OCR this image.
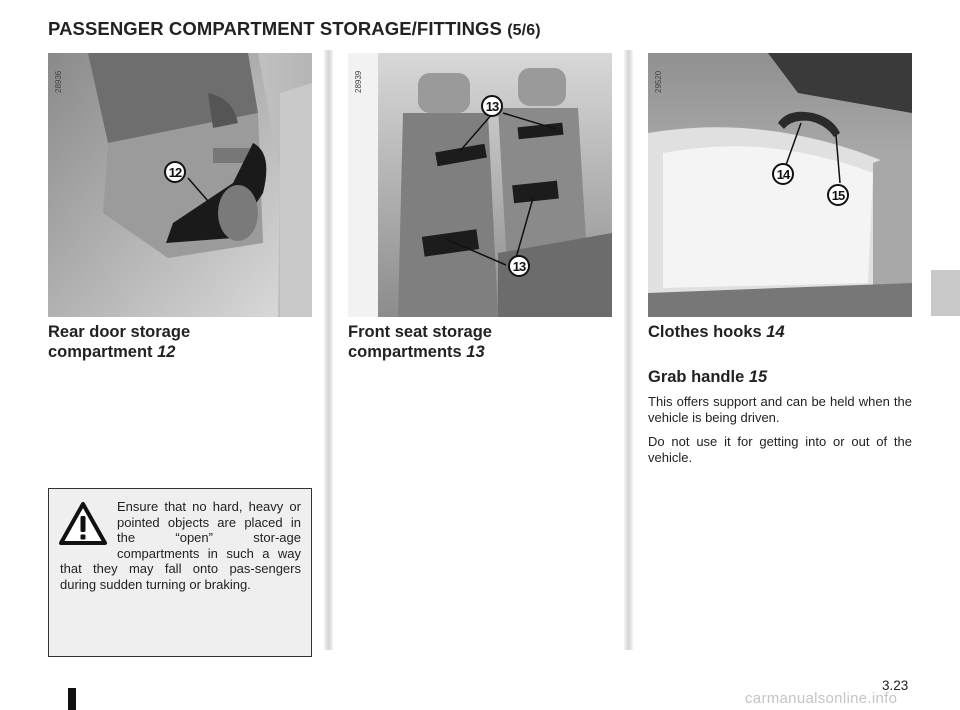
PASSENGER COMPARTMENT STORAGE/FITTINGS (5/6)
28936
12
28939
13
13
29520
14
15
Rear door storage compartment 12
Front seat storage compartments 13
Clothes hooks 14
Grab handle 15
This offers support and can be held when the vehicle is being driven.
Do not use it for getting into or out of the vehicle.
Ensure that no hard, heavy or pointed objects are placed in the “open” stor-age compartments in such a way that they may fall onto pas-sengers during sudden turning or braking.
3.23
carmanualsonline.info
